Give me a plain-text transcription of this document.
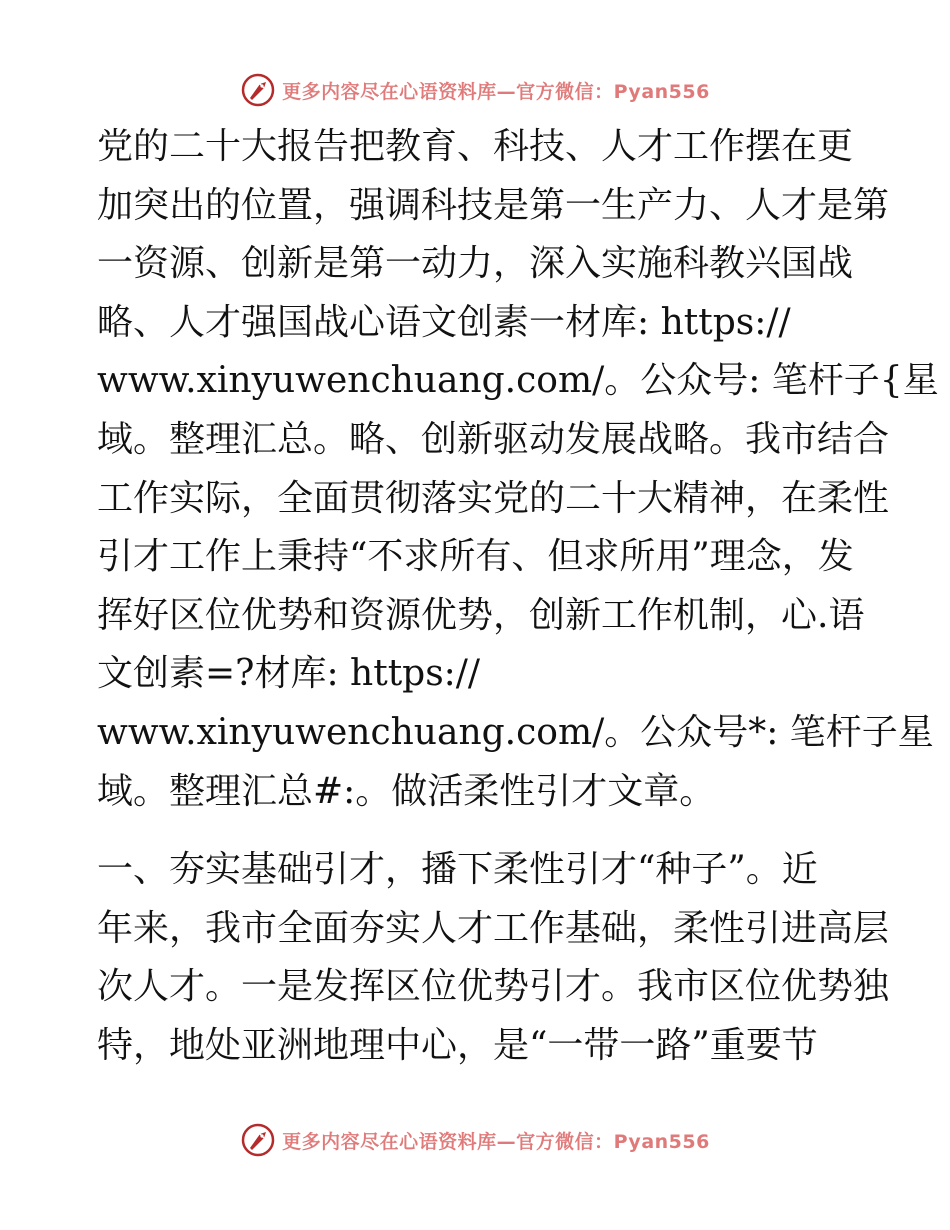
更多内容尽在心语资料库—官方微信：Pyan556

党的二十大报告把教育、科技、人才工作摆在更
加突出的位置，强调科技是第一生产力、人才是第
一资源、创新是第一动力，深入实施科教兴国战
略、人才强国战心语文创素一材库: https://
www.xinyuwenchuang.com/。公众号: 笔杆子{星
域。整理汇总。略、创新驱动发展战略。我市结合
工作实际，全面贯彻落实党的二十大精神，在柔性
引才工作上秉持“不求所有、但求所用”理念，发
挥好区位优势和资源优势，创新工作机制，心.语
文创素=?材库: https://
www.xinyuwenchuang.com/。公众号*: 笔杆子星
域。整理汇总#:。做活柔性引才文章。

一、夯实基础引才，播下柔性引才“种子”。近
年来，我市全面夯实人才工作基础，柔性引进高层
次人才。一是发挥区位优势引才。我市区位优势独
特，地处亚洲地理中心，是“一带一路”重要节

更多内容尽在心语资料库—官方微信：Pyan556
